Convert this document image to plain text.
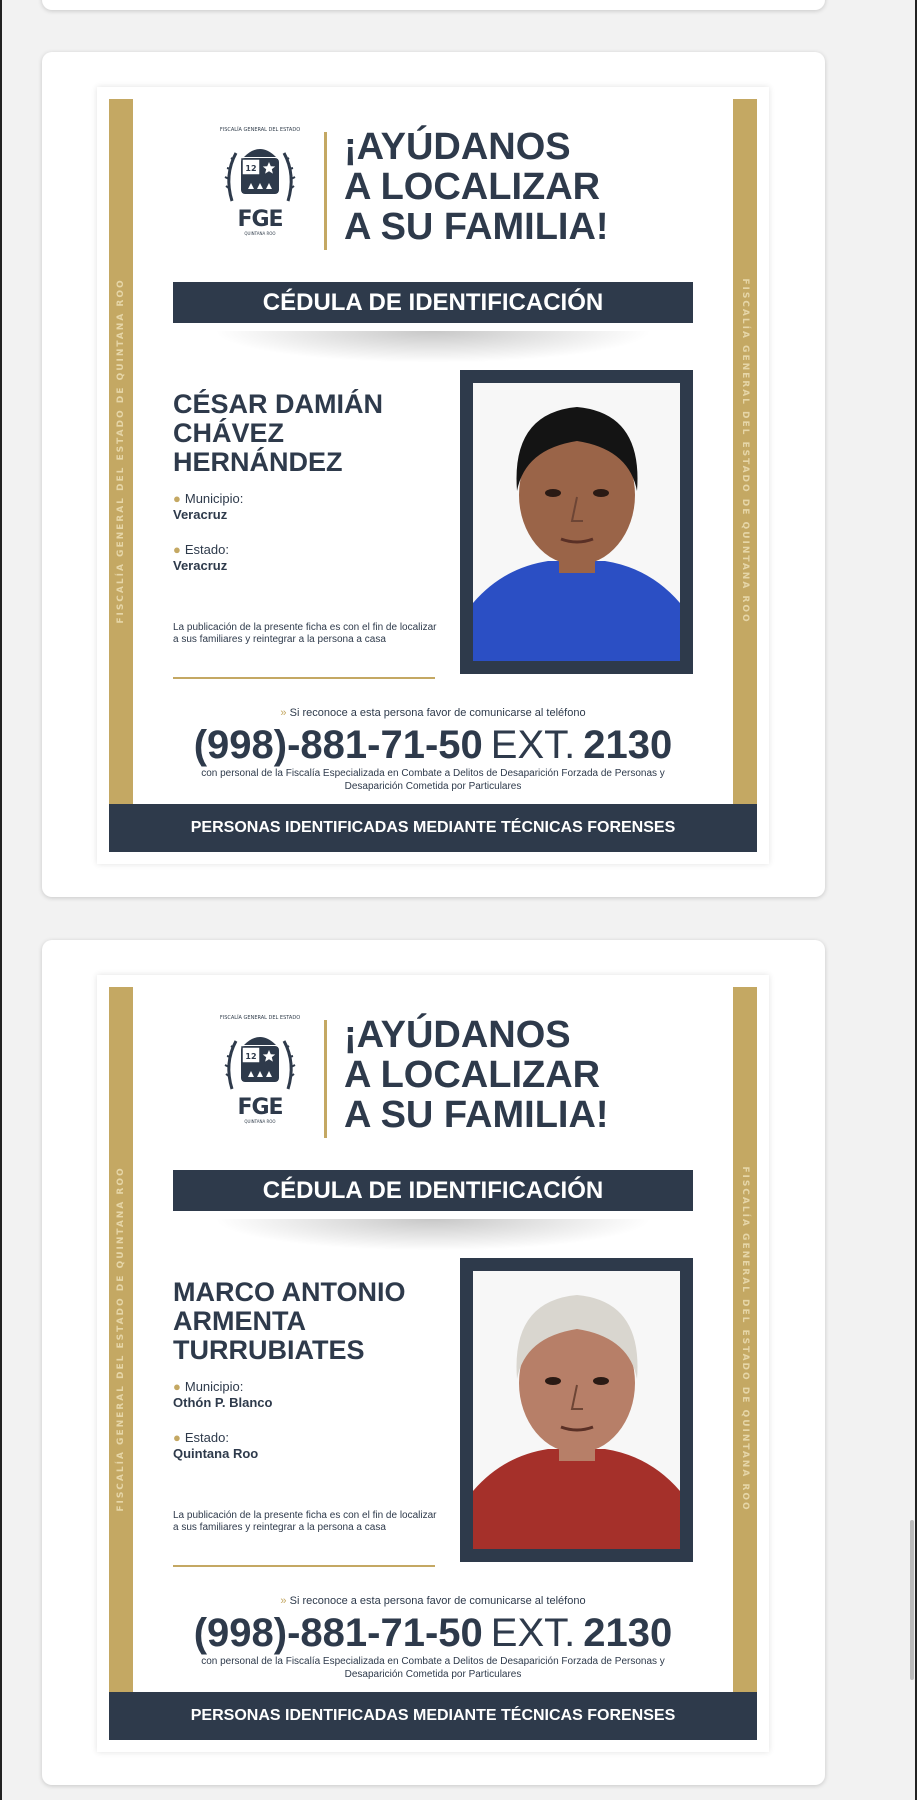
FISCALÍA GENERAL DEL ESTADO DE QUINTANA ROO	FISCALÍA GENERAL DEL ESTADO DE QUINTANA ROO
FISCALÍA GENERAL DEL ESTADO
12
FGE
QUINTANA ROO
¡AYÚDANOS
A LOCALIZAR
A SU FAMILIA!
CÉDULA DE IDENTIFICACIÓN
CÉSAR DAMIÁN
CHÁVEZ
HERNÁNDEZ
● Municipio:
Veracruz
● Estado:
Veracruz
La publicación de la presente ficha es con el fin de localizar a sus familiares y reintegrar a la persona a casa
» Si reconoce a esta persona favor de comunicarse al teléfono
(998)-881-71-50 EXT. 2130
con personal de la Fiscalía Especializada en Combate a Delitos de Desaparición Forzada de Personas y Desaparición Cometida por Particulares
PERSONAS IDENTIFICADAS MEDIANTE TÉCNICAS FORENSES
FISCALÍA GENERAL DEL ESTADO DE QUINTANA ROO	FISCALÍA GENERAL DEL ESTADO DE QUINTANA ROO
FISCALÍA GENERAL DEL ESTADO
12
FGE
QUINTANA ROO
¡AYÚDANOS
A LOCALIZAR
A SU FAMILIA!
CÉDULA DE IDENTIFICACIÓN
MARCO ANTONIO
ARMENTA
TURRUBIATES
● Municipio:
Othón P. Blanco
● Estado:
Quintana Roo
La publicación de la presente ficha es con el fin de localizar a sus familiares y reintegrar a la persona a casa
» Si reconoce a esta persona favor de comunicarse al teléfono
(998)-881-71-50 EXT. 2130
con personal de la Fiscalía Especializada en Combate a Delitos de Desaparición Forzada de Personas y Desaparición Cometida por Particulares
PERSONAS IDENTIFICADAS MEDIANTE TÉCNICAS FORENSES
